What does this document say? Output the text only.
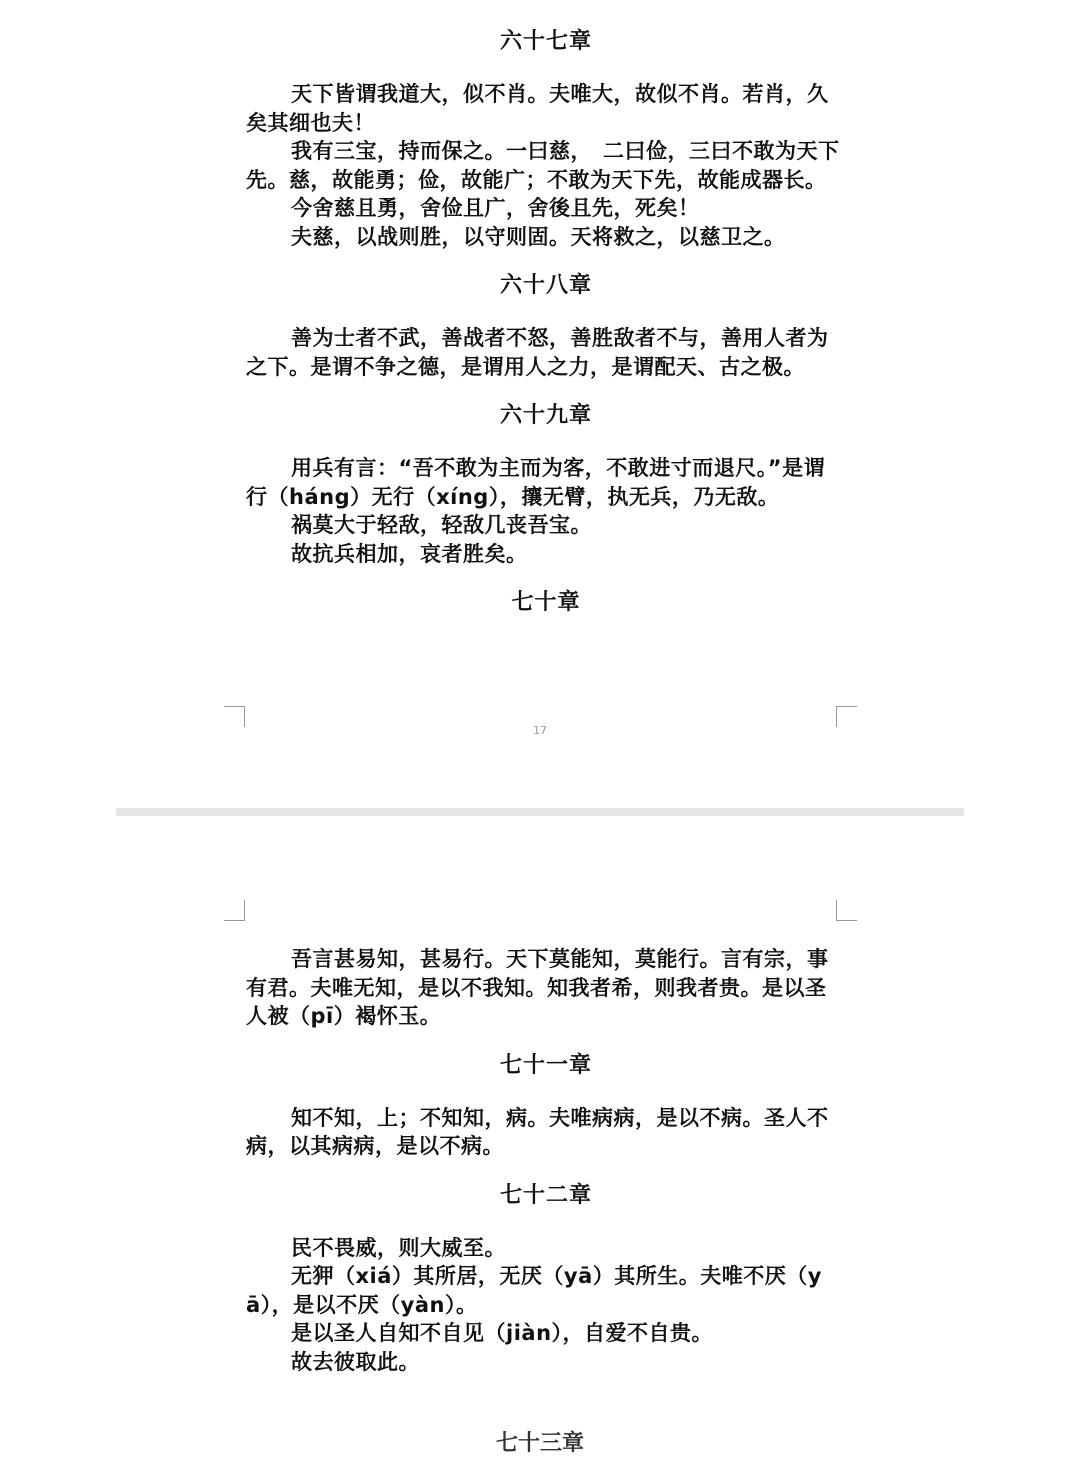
六十七章

天下皆谓我道大，似不肖。夫唯大，故似不肖。若肖，久矣其细也夫！

我有三宝，持而保之。一曰慈，　二曰俭，三曰不敢为天下先。慈，故能勇；俭，故能广；不敢为天下先，故能成器长。

今舍慈且勇，舍俭且广，舍後且先，死矣！

夫慈，以战则胜，以守则固。天将救之，以慈卫之。

六十八章

善为士者不武，善战者不怒，善胜敌者不与，善用人者为之下。是谓不争之德，是谓用人之力，是谓配天、古之极。

六十九章

用兵有言：“吾不敢为主而为客，不敢进寸而退尺。”是谓行（háng）无行（xíng），攘无臂，执无兵，乃无敌。

祸莫大于轻敌，轻敌几丧吾宝。

故抗兵相加，哀者胜矣。

七十章
17

吾言甚易知，甚易行。天下莫能知，莫能行。言有宗，事有君。夫唯无知，是以不我知。知我者希，则我者贵。是以圣人被（pī）褐怀玉。

七十一章

知不知，上；不知知，病。夫唯病病，是以不病。圣人不病，以其病病，是以不病。

七十二章

民不畏威，则大威至。

无狎（xiá）其所居，无厌（yā）其所生。夫唯不厌（yā），是以不厌（yàn）。

是以圣人自知不自见（jiàn），自爱不自贵。

故去彼取此。

七十三章
